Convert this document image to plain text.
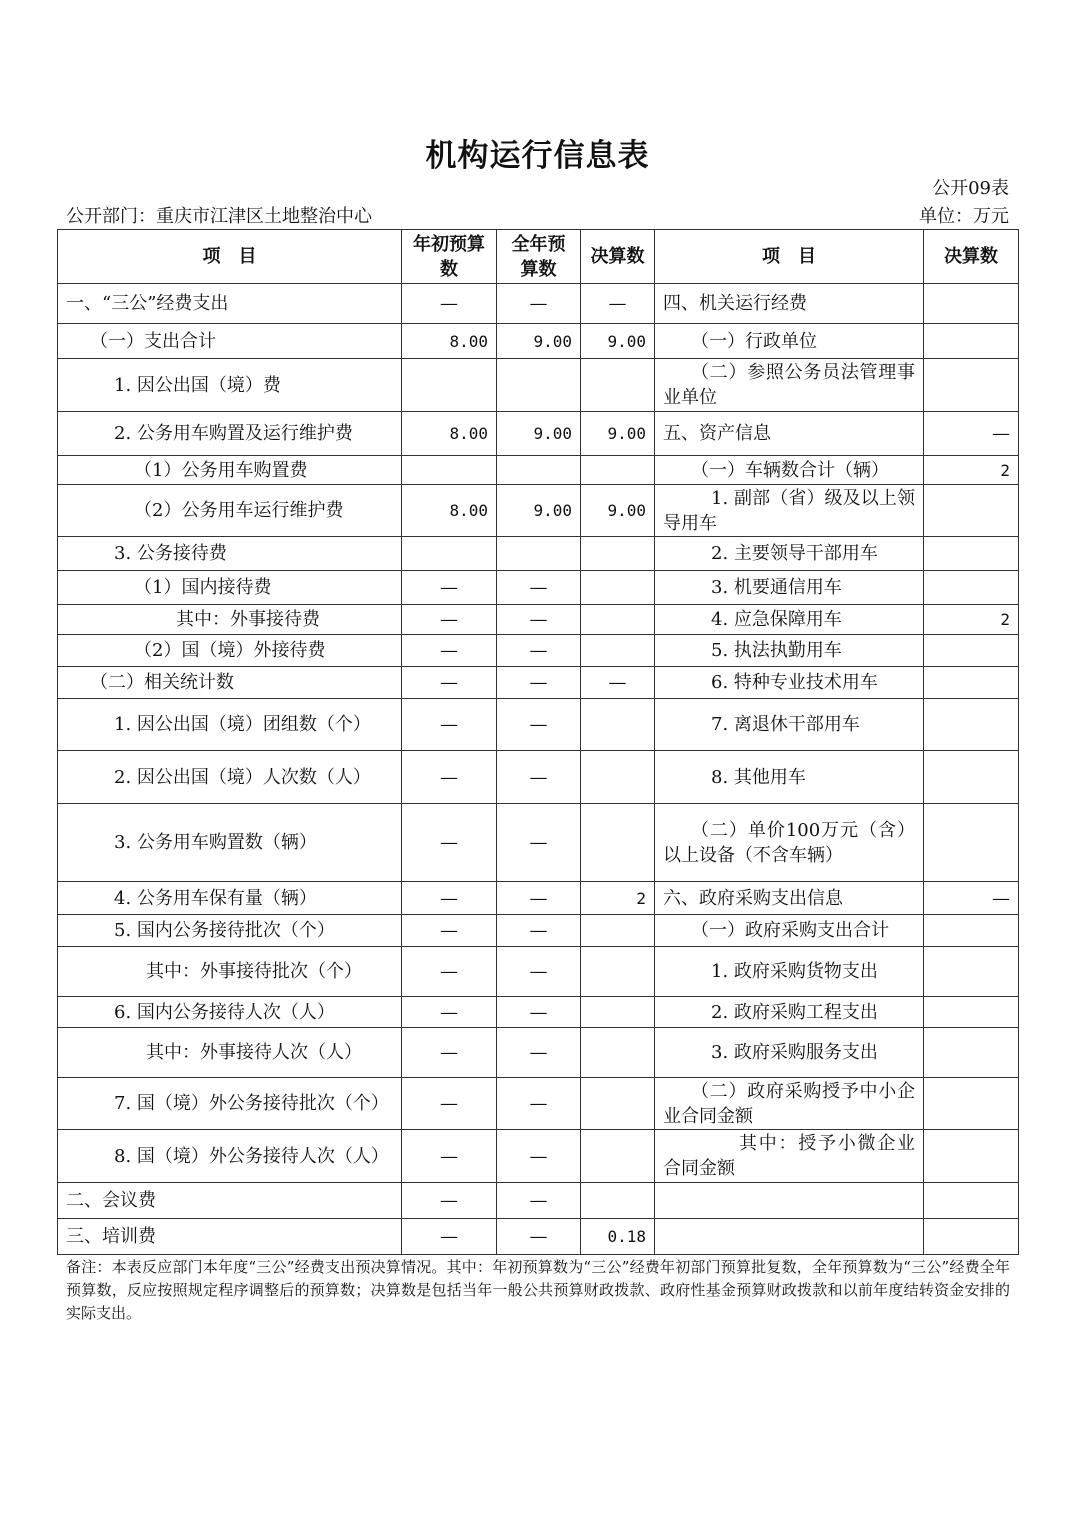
机构运行信息表
公开09表
公开部门：重庆市江津区土地整治中心	单位：万元
项　目	年初预算数	全年预算数	决算数	项　目	决算数
一、“三公”经费支出	—	—	—	四、机关运行经费	
（一）支出合计	8.00	9.00	9.00	（一）行政单位	
1. 因公出国（境）费				（二）参照公务员法管理事业单位	
2. 公务用车购置及运行维护费	8.00	9.00	9.00	五、资产信息	—
（1）公务用车购置费				（一）车辆数合计（辆）	2
（2）公务用车运行维护费	8.00	9.00	9.00	1. 副部（省）级及以上领导用车	
3. 公务接待费				2. 主要领导干部用车	
（1）国内接待费	—	—		3. 机要通信用车	
其中：外事接待费	—	—		4. 应急保障用车	2
（2）国（境）外接待费	—	—		5. 执法执勤用车	
（二）相关统计数	—	—	—	6. 特种专业技术用车	
1. 因公出国（境）团组数（个）	—	—		7. 离退休干部用车	
2. 因公出国（境）人次数（人）	—	—		8. 其他用车	
3. 公务用车购置数（辆）	—	—		（二）单价100万元（含）以上设备（不含车辆）	
4. 公务用车保有量（辆）	—	—	2	六、政府采购支出信息	—
5. 国内公务接待批次（个）	—	—		（一）政府采购支出合计	
其中：外事接待批次（个）	—	—		1. 政府采购货物支出	
6. 国内公务接待人次（人）	—	—		2. 政府采购工程支出	
其中：外事接待人次（人）	—	—		3. 政府采购服务支出	
7. 国（境）外公务接待批次（个）	—	—		（二）政府采购授予中小企业合同金额	
8. 国（境）外公务接待人次（人）	—	—		其中：授予小微企业合同金额	
二、会议费	—	—			
三、培训费	—	—	0.18		
备注：本表反应部门本年度“三公”经费支出预决算情况。其中：年初预算数为“三公”经费年初部门预算批复数，全年预算数为“三公”经费全年预算数，反应按照规定程序调整后的预算数；决算数是包括当年一般公共预算财政拨款、政府性基金预算财政拨款和以前年度结转资金安排的实际支出。
